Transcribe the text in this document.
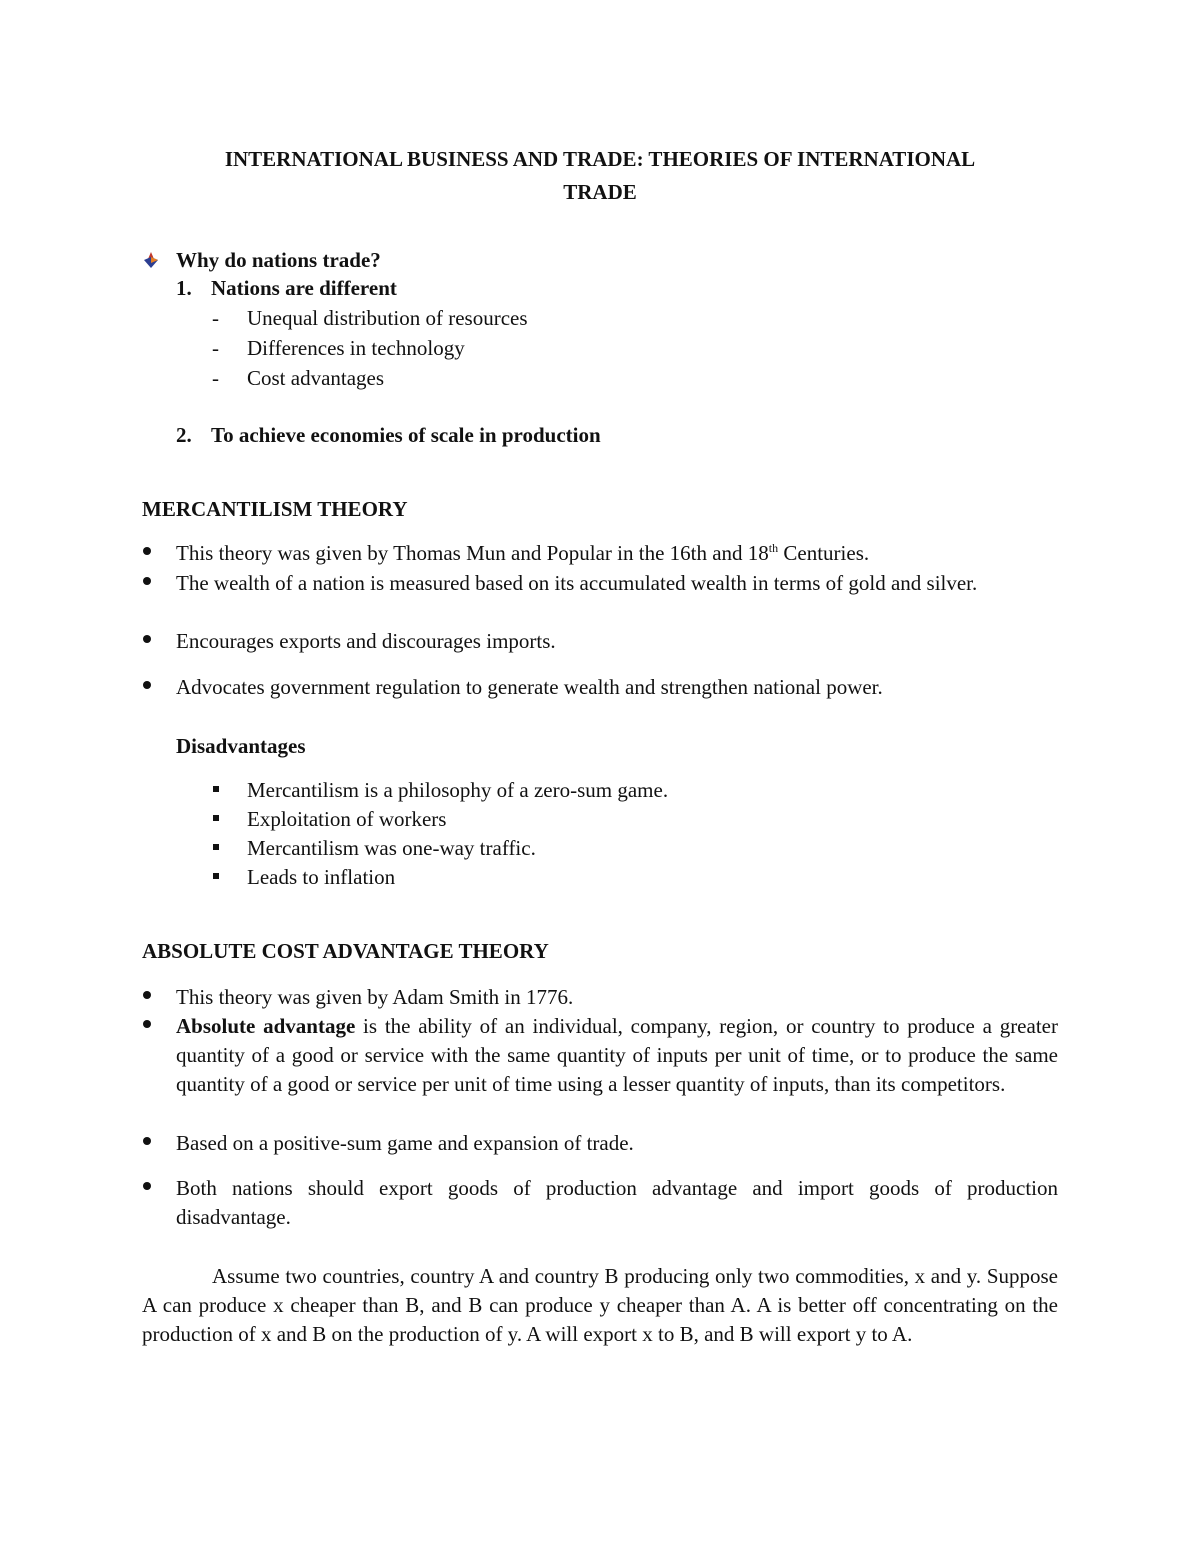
INTERNATIONAL BUSINESS AND TRADE: THEORIES OF INTERNATIONAL
TRADE
Why do nations trade?
1. Nations are different
- Unequal distribution of resources
- Differences in technology
- Cost advantages
2. To achieve economies of scale in production
MERCANTILISM THEORY
This theory was given by Thomas Mun and Popular in the 16th and 18th Centuries.
The wealth of a nation is measured based on its accumulated wealth in terms of gold and silver.
Encourages exports and discourages imports.
Advocates government regulation to generate wealth and strengthen national power.
Disadvantages
Mercantilism is a philosophy of a zero-sum game.
Exploitation of workers
Mercantilism was one-way traffic.
Leads to inflation
ABSOLUTE COST ADVANTAGE THEORY
This theory was given by Adam Smith in 1776.
Absolute advantage is the ability of an individual, company, region, or country to produce a greater quantity of a good or service with the same quantity of inputs per unit of time, or to produce the same quantity of a good or service per unit of time using a lesser quantity of inputs, than its competitors.
Based on a positive-sum game and expansion of trade.
Both nations should export goods of production advantage and import goods of production disadvantage.
Assume two countries, country A and country B producing only two commodities, x and y. Suppose A can produce x cheaper than B, and B can produce y cheaper than A. A is better off concentrating on the production of x and B on the production of y. A will export x to B, and B will export y to A.
